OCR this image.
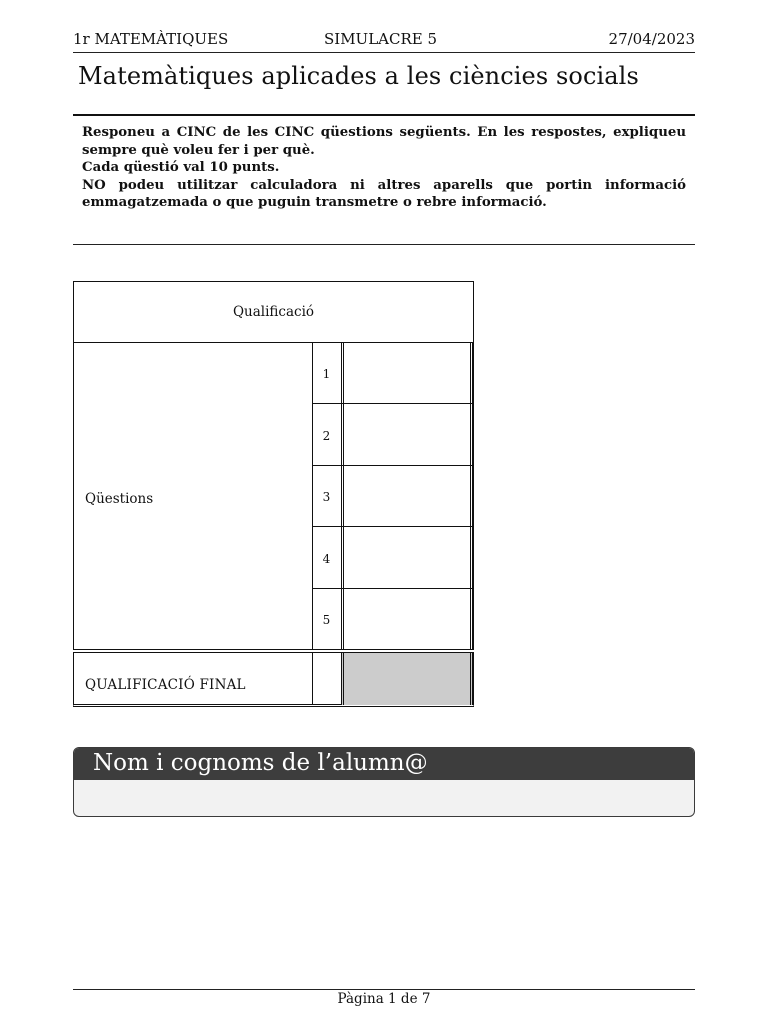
1r MATEMÀTIQUES	SIMULACRE 5	27/04/2023
Matemàtiques aplicades a les ciències socials
Responeu a CINC de les CINC qüestions següents. En les respostes, expliqueu sempre què voleu fer i per què.
Cada qüestió val 10 punts.
NO podeu utilitzar calculadora ni altres aparells que portin informació emmagatzemada o que puguin transmetre o rebre informació.
Qualificació
Qüestions
1
2
3
4
5
QUALIFICACIÓ FINAL
Nom i cognoms de l’alumn@
Pàgina 1 de 7
